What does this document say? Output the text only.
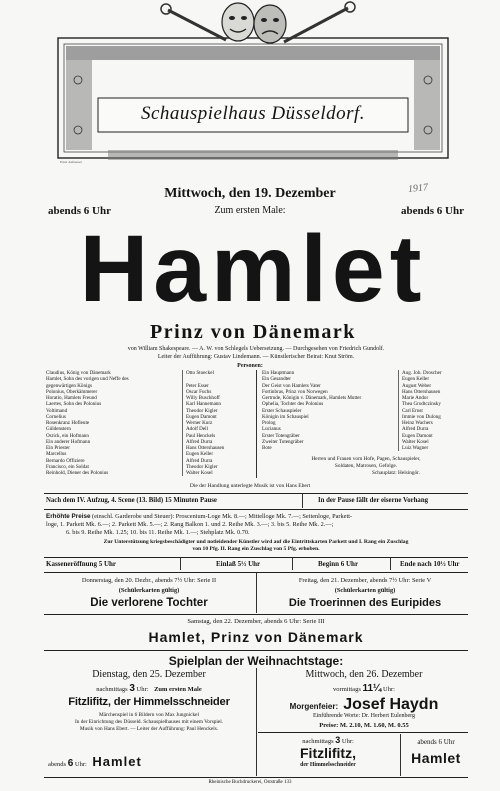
Schauspielhaus Düsseldorf.
Ernst Aufseeser
Mittwoch, den 19. Dezember	1917
abends 6 Uhr	Zum ersten Male:	abends 6 Uhr
Hamlet
Prinz von Dänemark
von William Shakespeare. — A. W. von Schlegels Uebersetzung. — Durchgesehen von Friedrich Gundolf.
Leiter der Aufführung: Gustav Lindemann. — Künstlerischer Beirat: Knut Ström.
Personen:
Claudius, König von Dänemark	Otto Stoeckel
Hamlet, Sohn des vorigen und Neffe des
gegenwärtigen Königs	Peter Esser
Polonius, Oberkämmerer	Oscar Fuchs
Horatio, Hamlets Freund	Willy Buschhoff
Laertes, Sohn des Polonius	Karl Hannemann
Voltimand	Theodor Kigler
Cornelius	Eugen Damont
Rosenkranz Hofleute	Werner Kurz
Güldenstern	Adolf Dell
Osrick, ein Hofmann	Paul Henckels
Ein anderer Hofmann	Alfred Durra
Ein Priester	Hans Ottershausen
Marcellus	Eugen Keller
Bernardo Offiziere	Alfred Durra
Francisco, ein Soldat	Theodor Kigler
Reinhold, Diener des Polonius	Walter Kosel
Ein Hauptmann	Aug. Joh. Droscher
Ein Gesandter	Eugen Keller
Der Geist von Hamlets Vater	August Weber
Fortinbras, Prinz von Norwegen	Hans Ottershausen
Gertrude, Königin v. Dänemark, Hamlets Mutter	Marie Andor
Ophelia, Tochter des Polonius	Thea Grodtczinsky
Erster Schauspieler	Carl Ernst
Königin im Schauspiel	Immie von Dulong
Prolog	Heinz Wachers
Lucianus	Alfred Durra
Erster Totengräber	Eugen Damont
Zweiter Totengräber	Walter Kosel
Bote	Luiz Wagner
Herren und Frauen vom Hofe, Pagen, Schauspieler,
Soldaten, Matrosen, Gefolge.
Schauplatz: Helsingör.
Die der Handlung unterlegte Musik ist von Hans Ebert
Nach dem IV. Aufzug, 4. Scene (13. Bild) 15 Minuten Pause	In der Pause fällt der eiserne Vorhang
Erhöhte Preise (einschl. Garderobe und Steuer): Proscenium-Loge Mk. 8.—; Mittelloge Mk. 7.—; Seitenloge, Parkett-
loge, 1. Parkett Mk. 6.—; 2. Parkett Mk. 5.—; 2. Rang Balkon 1. und 2. Reihe Mk. 3.—; 3. bis 5. Reihe Mk. 2.—;
6. bis 9. Reihe Mk. 1.25; 10. bis 11. Reihe Mk. 1.—; Stehplatz Mk. 0.70.
Zur Unterstützung kriegsbeschädigter und notleidender Künstler wird auf die Eintrittskarten Parkett und I. Rang ein Zuschlag
von 10 Pfg. II. Rang ein Zuschlag von 5 Pfg. erhoben.
Kasseneröffnung 5 Uhr	Einlaß 5½ Uhr	Beginn 6 Uhr	Ende nach 10½ Uhr
Donnerstag, den 20. Dezbr., abends 7½ Uhr: Serie II
(Schülerkarten gültig)
Die verlorene Tochter
Freitag, den 21. Dezember, abends 7½ Uhr: Serie V
(Schülerkarten gültig)
Die Troerinnen des Euripides
Samstag, den 22. Dezember, abends 6 Uhr: Serie III
Hamlet, Prinz von Dänemark
Spielplan der Weihnachtstage:
Dienstag, den 25. Dezember
nachmittags 3 Uhr: Zum ersten Male
Fitzlifitz, der Himmelsschneider
Märchenspiel in 6 Bildern von Max Jungnickel
In der Einrichtung des Düsseld. Schauspielhauses mit einem Vorspiel.
Musik von Hans Ebert. — Leiter der Aufführung: Paul Henckels.
abends 6 Uhr: Hamlet
Mittwoch, den 26. Dezember
vormittags 11¼ Uhr:
Morgenfeier: Josef Haydn
Einführende Worte: Dr. Herbert Eulenberg
Preise: M. 2.10, M. 1.60, M. 0.55
nachmittags 3 Uhr:
Fitzlifitz,
der Himmelsschneider
abends 6 Uhr
Hamlet
Rheinische Buchdruckerei, Oststraße 133
